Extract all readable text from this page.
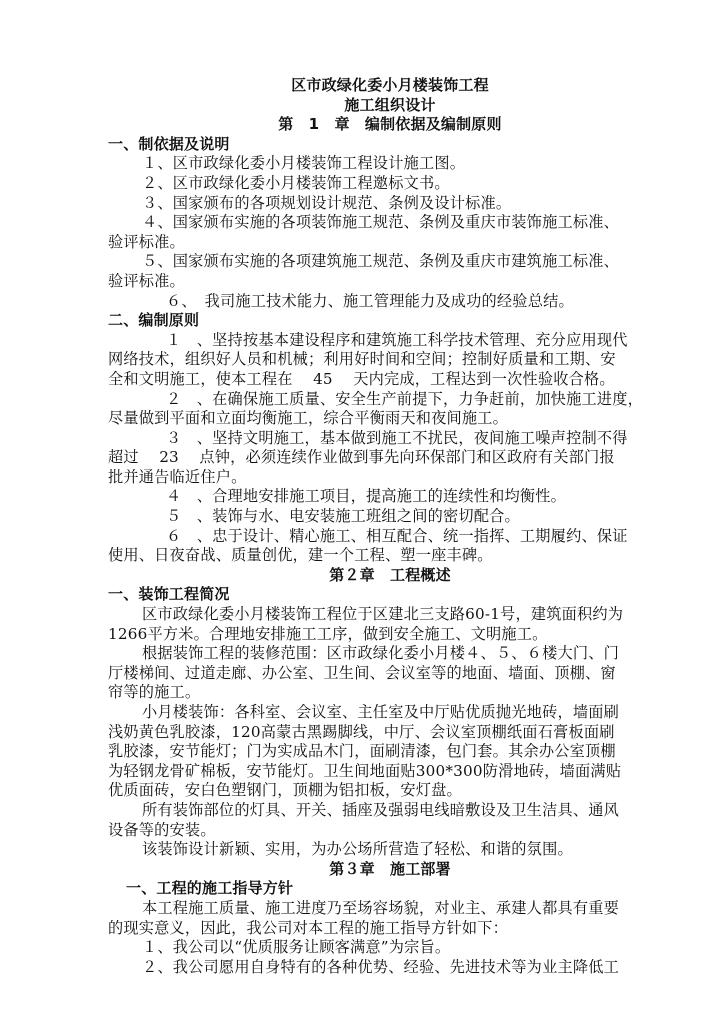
区市政绿化委小月楼装饰工程
施工组织设计
第　1　章　编制依据及编制原则
一、制依据及说明
１、区市政绿化委小月楼装饰工程设计施工图。
２、区市政绿化委小月楼装饰工程邀标文书。
３、国家颁布的各项规划设计规范、条例及设计标准。
４、国家颁布实施的各项装饰施工规范、条例及重庆市装饰施工标准、
验评标准。
５、国家颁布实施的各项建筑施工规范、条例及重庆市建筑施工标准、
验评标准。
６、　我司施工技术能力、施工管理能力及成功的经验总结。
二、编制原则
１　、坚持按基本建设程序和建筑施工科学技术管理、充分应用现代
网络技术，组织好人员和机械；利用好时间和空间；控制好质量和工期、安
全和文明施工，使本工程在　 45 　天内完成，工程达到一次性验收合格。
２　、在确保施工质量、安全生产前提下，力争赶前，加快施工进度，
尽量做到平面和立面均衡施工，综合平衡雨天和夜间施工。
３　、坚持文明施工，基本做到施工不扰民，夜间施工噪声控制不得
超过　 23 　点钟，必须连续作业做到事先向环保部门和区政府有关部门报
批并通告临近住户。
４　、合理地安排施工项目，提高施工的连续性和均衡性。
５　、装饰与水、电安装施工班组之间的密切配合。
６　、忠于设计、精心施工、相互配合、统一指挥、工期履约、保证
使用、日夜奋战、质量创优，建一个工程、塑一座丰碑。
第２章　工程概述
一、装饰工程简况
区市政绿化委小月楼装饰工程位于区建北三支路60-1号，建筑面积约为
1266平方米。合理地安排施工工序，做到安全施工、文明施工。
根据装饰工程的装修范围：区市政绿化委小月楼４、５、６楼大门、门
厅楼梯间、过道走廊、办公室、卫生间、会议室等的地面、墙面、顶棚、窗
帘等的施工。
小月楼装饰：各科室、会议室、主任室及中厅贴优质抛光地砖，墙面刷
浅奶黄色乳胶漆，120高蒙古黑踢脚线，中厅、会议室顶棚纸面石膏板面刷
乳胶漆，安节能灯；门为实成品木门，面刷清漆，包门套。其余办公室顶棚
为轻钢龙骨矿棉板，安节能灯。卫生间地面贴300*300防滑地砖，墙面满贴
优质面砖，安白色塑钢门，顶棚为铝扣板，安灯盘。
所有装饰部位的灯具、开关、插座及强弱电线暗敷设及卫生洁具、通风
设备等的安装。
该装饰设计新颖、实用，为办公场所营造了轻松、和谐的氛围。
第３章　施工部署
一、工程的施工指导方针
本工程施工质量、施工进度乃至场容场貌，对业主、承建人都具有重要
的现实意义，因此，我公司对本工程的施工指导方针如下：
１、我公司以“优质服务让顾客满意”为宗旨。
２、我公司愿用自身特有的各种优势、经验、先进技术等为业主降低工
